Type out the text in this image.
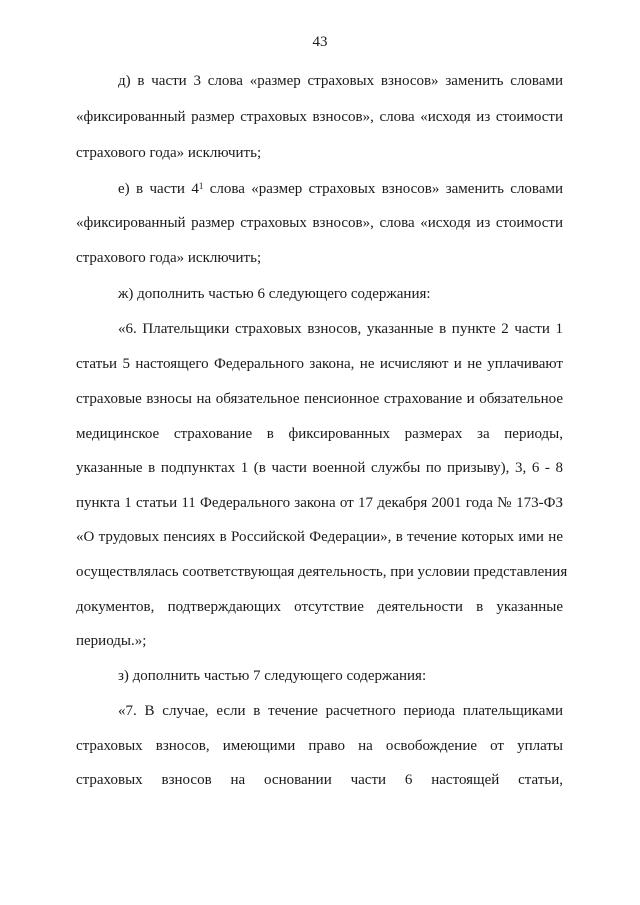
43
д) в части 3 слова «размер страховых взносов» заменить словами
«фиксированный размер страховых взносов», слова «исходя из стоимости
страхового года» исключить;
е) в части $4^1$ слова «размер страховых взносов» заменить словами
«фиксированный размер страховых взносов», слова «исходя из стоимости
страхового года» исключить;
ж) дополнить частью 6 следующего содержания:
«6. Плательщики страховых взносов, указанные в пункте 2 части 1
статьи 5 настоящего Федерального закона, не исчисляют и не уплачивают
страховые взносы на обязательное пенсионное страхование и обязательное
медицинское страхование в фиксированных размерах за периоды,
указанные в подпунктах 1 (в части военной службы по призыву), 3, 6 - 8
пункта 1 статьи 11 Федерального закона от 17 декабря 2001 года № 173-ФЗ
«О трудовых пенсиях в Российской Федерации», в течение которых ими не
осуществлялась соответствующая деятельность, при условии представления
документов, подтверждающих отсутствие деятельности в указанные
периоды.»;
з) дополнить частью 7 следующего содержания:
«7. В случае, если в течение расчетного периода плательщиками
страховых взносов, имеющими право на освобождение от уплаты
страховых взносов на основании части 6 настоящей статьи,
